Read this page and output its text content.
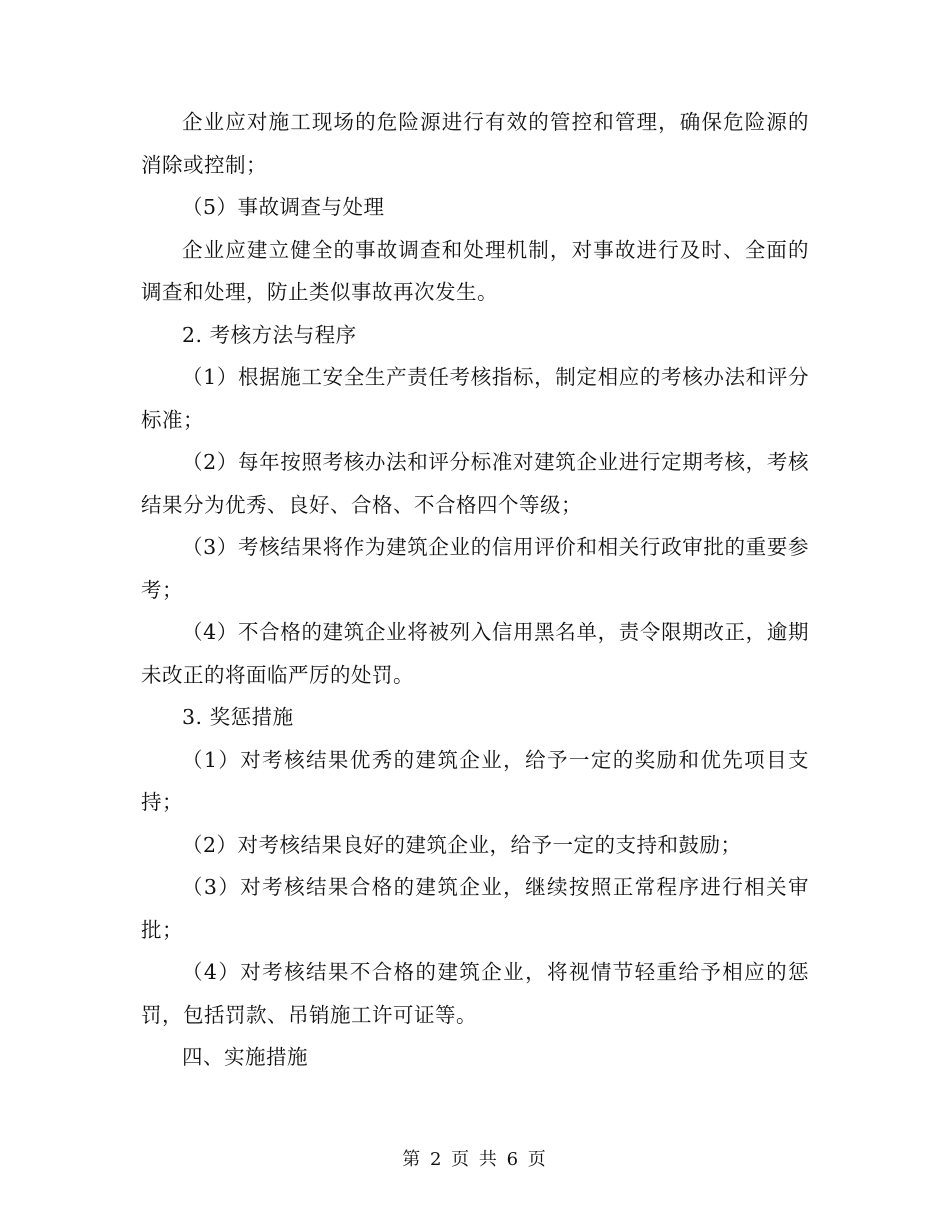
企业应对施工现场的危险源进行有效的管控和管理，确保危险源的消除或控制；

（5）事故调查与处理

企业应建立健全的事故调查和处理机制，对事故进行及时、全面的调查和处理，防止类似事故再次发生。

2. 考核方法与程序

（1）根据施工安全生产责任考核指标，制定相应的考核办法和评分标准；

（2）每年按照考核办法和评分标准对建筑企业进行定期考核，考核结果分为优秀、良好、合格、不合格四个等级；

（3）考核结果将作为建筑企业的信用评价和相关行政审批的重要参考；

（4）不合格的建筑企业将被列入信用黑名单，责令限期改正，逾期未改正的将面临严厉的处罚。

3. 奖惩措施

（1）对考核结果优秀的建筑企业，给予一定的奖励和优先项目支持；

（2）对考核结果良好的建筑企业，给予一定的支持和鼓励；

（3）对考核结果合格的建筑企业，继续按照正常程序进行相关审批；

（4）对考核结果不合格的建筑企业，将视情节轻重给予相应的惩罚，包括罚款、吊销施工许可证等。

四、实施措施

第 2 页 共 6 页
